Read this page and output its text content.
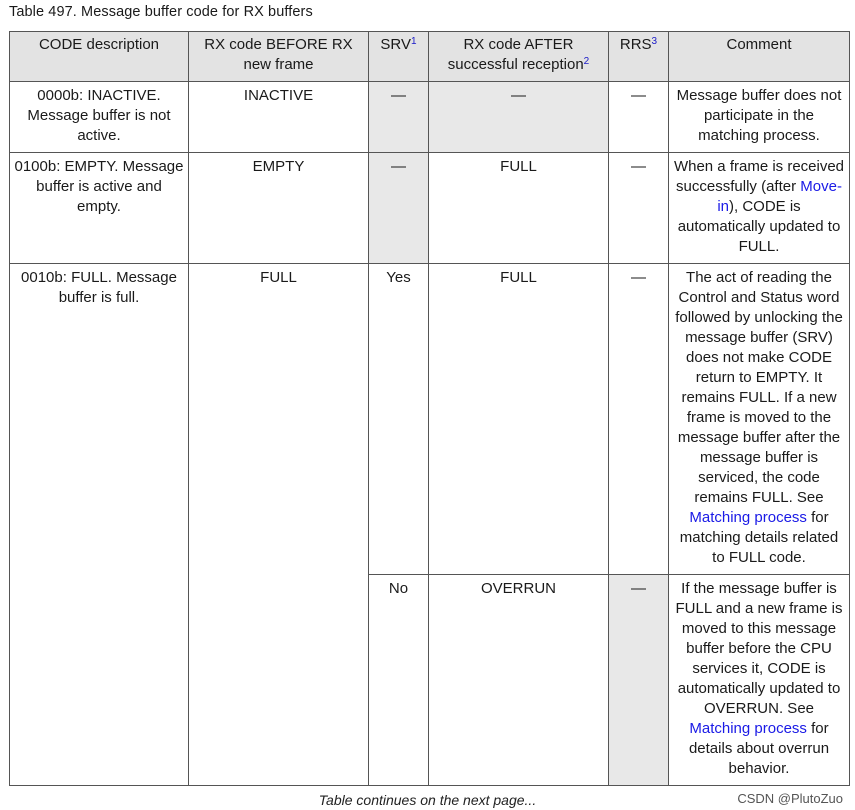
Table 497. Message buffer code for RX buffers
CODE description	RX code BEFORE RX new frame	SRV$^1$	RX code AFTER successful reception$^2$	RRS$^3$	Comment
0000b: INACTIVE. Message buffer is not active.	INACTIVE	—	—	—	Message buffer does not participate in the matching process.
0100b: EMPTY. Message buffer is active and empty.	EMPTY	—	FULL	—	When a frame is received successfully (after Move-in), CODE is automatically updated to FULL.
0010b: FULL. Message buffer is full.	FULL	Yes	FULL	—	The act of reading the Control and Status word followed by unlocking the message buffer (SRV) does not make CODE return to EMPTY. It remains FULL. If a new frame is moved to the message buffer after the message buffer is serviced, the code remains FULL. See Matching process for matching details related to FULL code.
		No	OVERRUN	—	If the message buffer is FULL and a new frame is moved to this message buffer before the CPU services it, CODE is automatically updated to OVERRUN. See Matching process for details about overrun behavior.
Table continues on the next page...	CSDN @PlutoZuo
